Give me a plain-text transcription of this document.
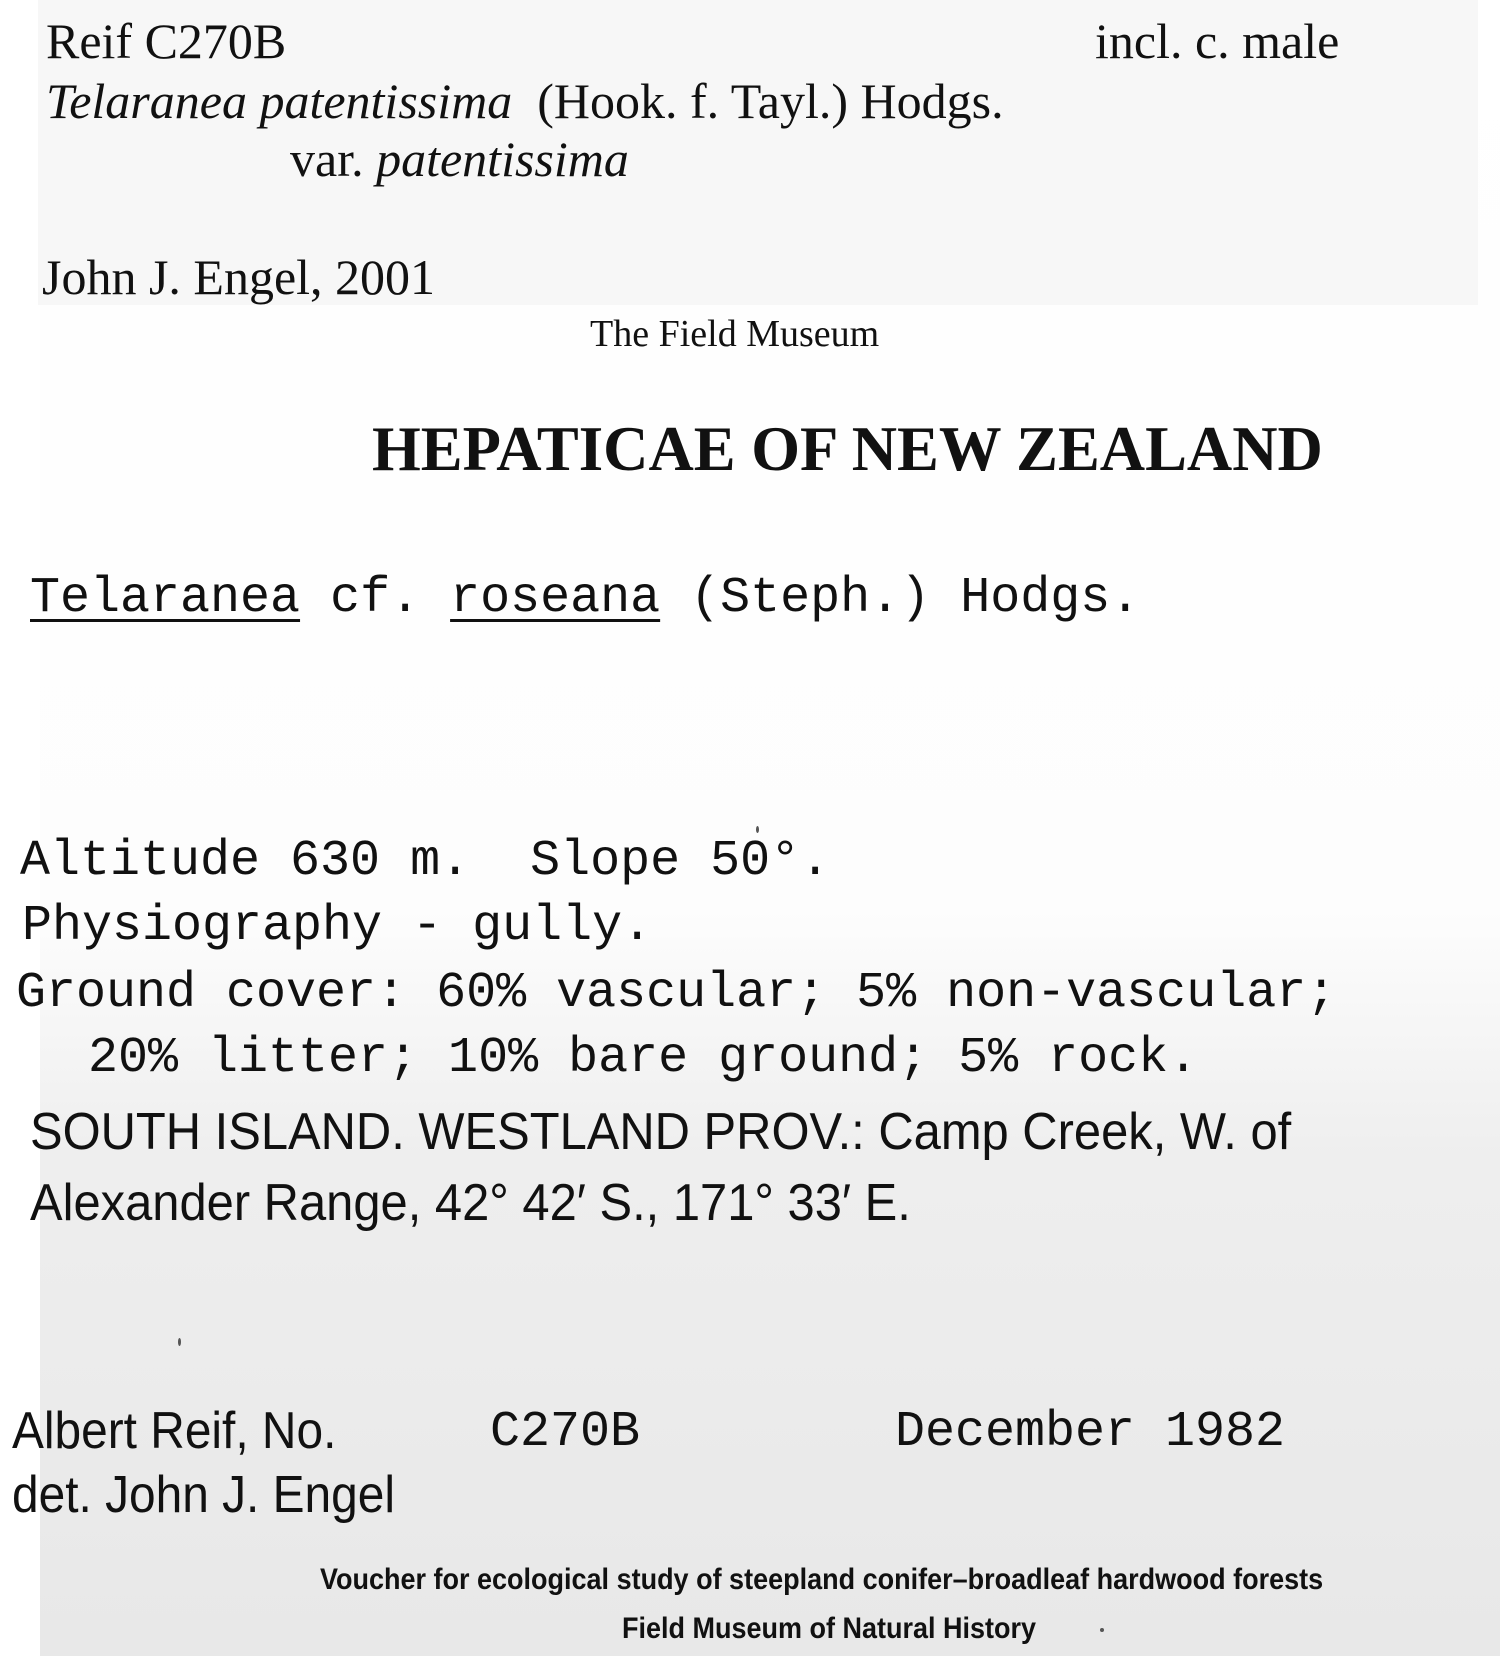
Reif C270B	incl. c. male
Telaranea patentissima (Hook. f. Tayl.) Hodgs.
var. patentissima
John J. Engel, 2001
The Field Museum
HEPATICAE OF NEW ZEALAND
Telaranea cf. roseana (Steph.) Hodgs.
Altitude 630 m. Slope 50°.
Physiography - gully.
Ground cover: 60% vascular; 5% non-vascular;
20% litter; 10% bare ground; 5% rock.
SOUTH ISLAND. WESTLAND PROV.: Camp Creek, W. of
Alexander Range, 42° 42′ S., 171° 33′ E.
Albert Reif, No.	C270B	December 1982
det. John J. Engel
Voucher for ecological study of steepland conifer–broadleaf hardwood forests
Field Museum of Natural History
